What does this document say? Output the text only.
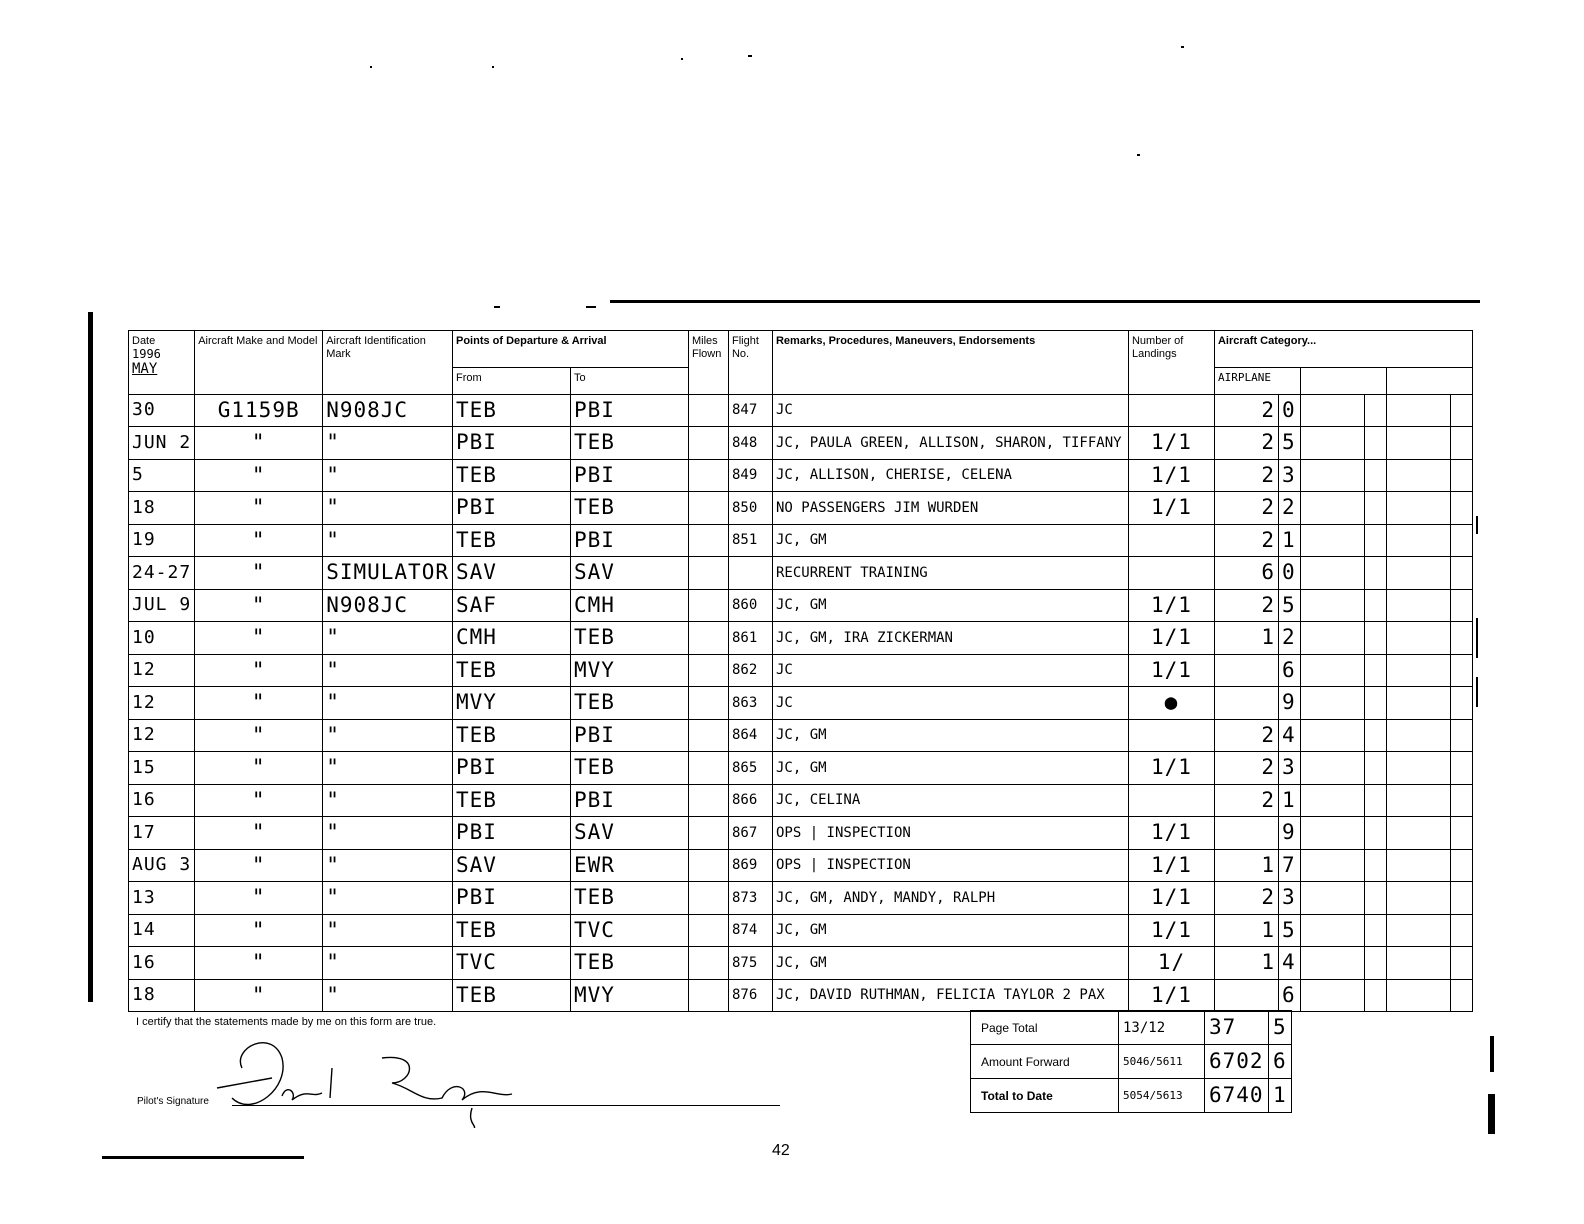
Date
1996
MAY	Aircraft Make and Model	Aircraft Identification Mark	Points of Departure & Arrival		Miles Flown	Flight No.	Remarks, Procedures, Maneuvers, Endorsements	Number of Landings	Aircraft Category...					
			From	To					AIRPLANE					
30	G1159B	N908JC	TEB	PBI		847	JC		2	0				
JUN 2	"	"	PBI	TEB		848	JC, PAULA GREEN, ALLISON, SHARON, TIFFANY	1/1	2	5				
5	"	"	TEB	PBI		849	JC, ALLISON, CHERISE, CELENA	1/1	2	3				
18	"	"	PBI	TEB		850	NO PASSENGERS JIM WURDEN	1/1	2	2				
19	"	"	TEB	PBI		851	JC, GM		2	1				
24-27	"	SIMULATOR	SAV	SAV			RECURRENT TRAINING		6	0				
JUL 9	"	N908JC	SAF	CMH		860	JC, GM	1/1	2	5				
10	"	"	CMH	TEB		861	JC, GM, IRA ZICKERMAN	1/1	1	2				
12	"	"	TEB	MVY		862	JC	1/1		6				
12	"	"	MVY	TEB		863	JC	●		9				
12	"	"	TEB	PBI		864	JC, GM		2	4				
15	"	"	PBI	TEB		865	JC, GM	1/1	2	3				
16	"	"	TEB	PBI		866	JC, CELINA		2	1				
17	"	"	PBI	SAV		867	OPS | INSPECTION	1/1		9				
AUG 3	"	"	SAV	EWR		869	OPS | INSPECTION	1/1	1	7				
13	"	"	PBI	TEB		873	JC, GM, ANDY, MANDY, RALPH	1/1	2	3				
14	"	"	TEB	TVC		874	JC, GM	1/1	1	5				
16	"	"	TVC	TEB		875	JC, GM	1/	1	4				
18	"	"	TEB	MVY		876	JC, DAVID RUTHMAN, FELICIA TAYLOR 2 PAX	1/1		6				
I certify that the statements made by me on this form are true.
Pilot's Signature
David Rodgers
Page Total	13/12	37	5
Amount Forward	5046/5611	6702	6
Total to Date	5054/5613	6740	1
42
